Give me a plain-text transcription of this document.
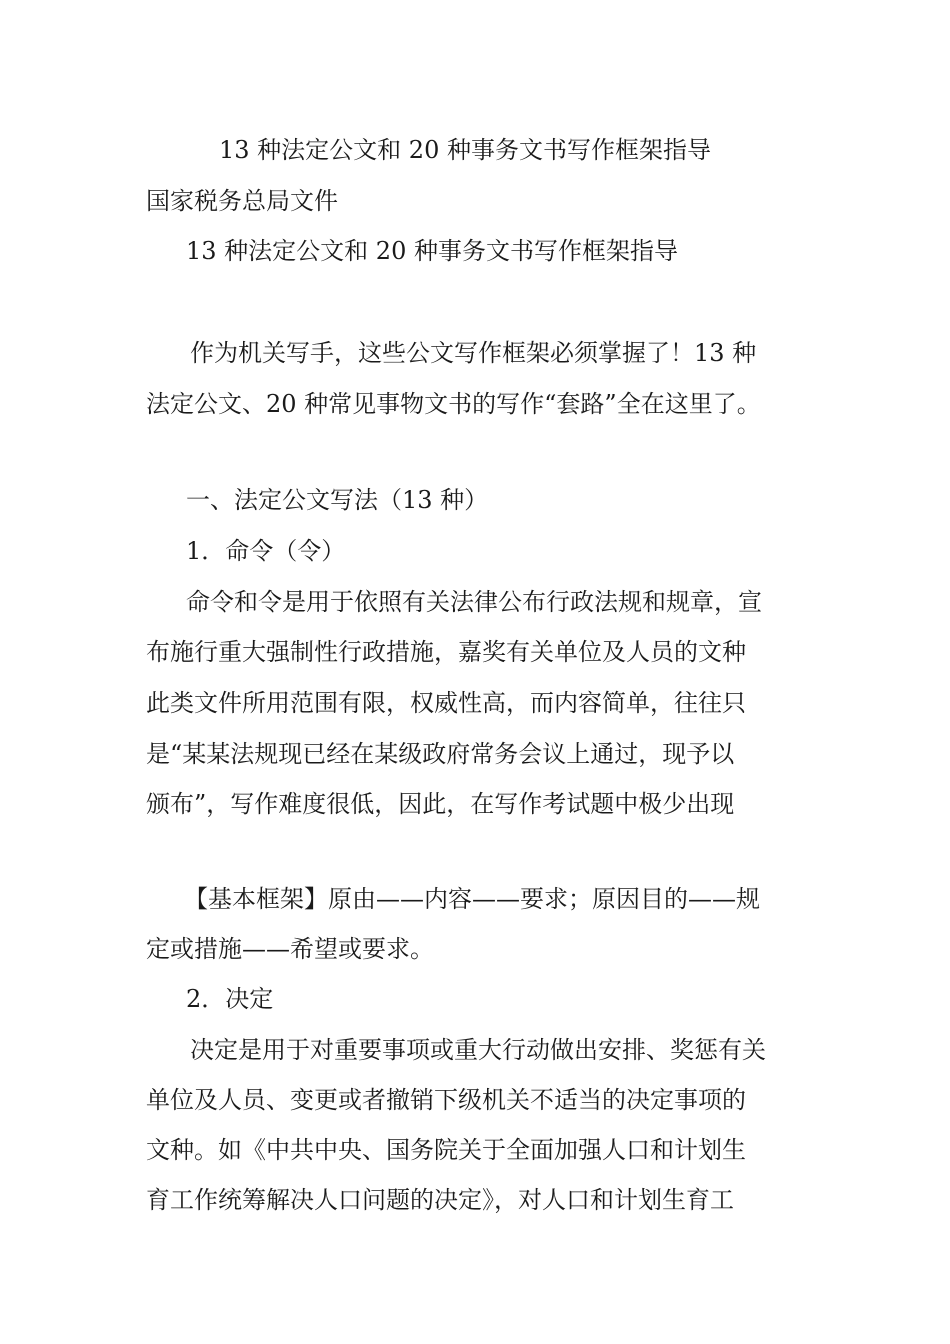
13 种法定公文和 20 种事务文书写作框架指导
国家税务总局文件
13 种法定公文和 20 种事务文书写作框架指导
作为机关写手，这些公文写作框架必须掌握了！13 种
法定公文、20 种常见事物文书的写作“套路”全在这里了。
一、法定公文写法（13 种）
1．命令（令）
命令和令是用于依照有关法律公布行政法规和规章，宣
布施行重大强制性行政措施，嘉奖有关单位及人员的文种
此类文件所用范围有限，权威性高，而内容简单，往往只
是“某某法规现已经在某级政府常务会议上通过，现予以
颁布”，写作难度很低，因此，在写作考试题中极少出现
【基本框架】原由——内容——要求；原因目的——规
定或措施——希望或要求。
2．决定
决定是用于对重要事项或重大行动做出安排、奖惩有关
单位及人员、变更或者撤销下级机关不适当的决定事项的
文种。如《中共中央、国务院关于全面加强人口和计划生
育工作统筹解决人口问题的决定》，对人口和计划生育工
